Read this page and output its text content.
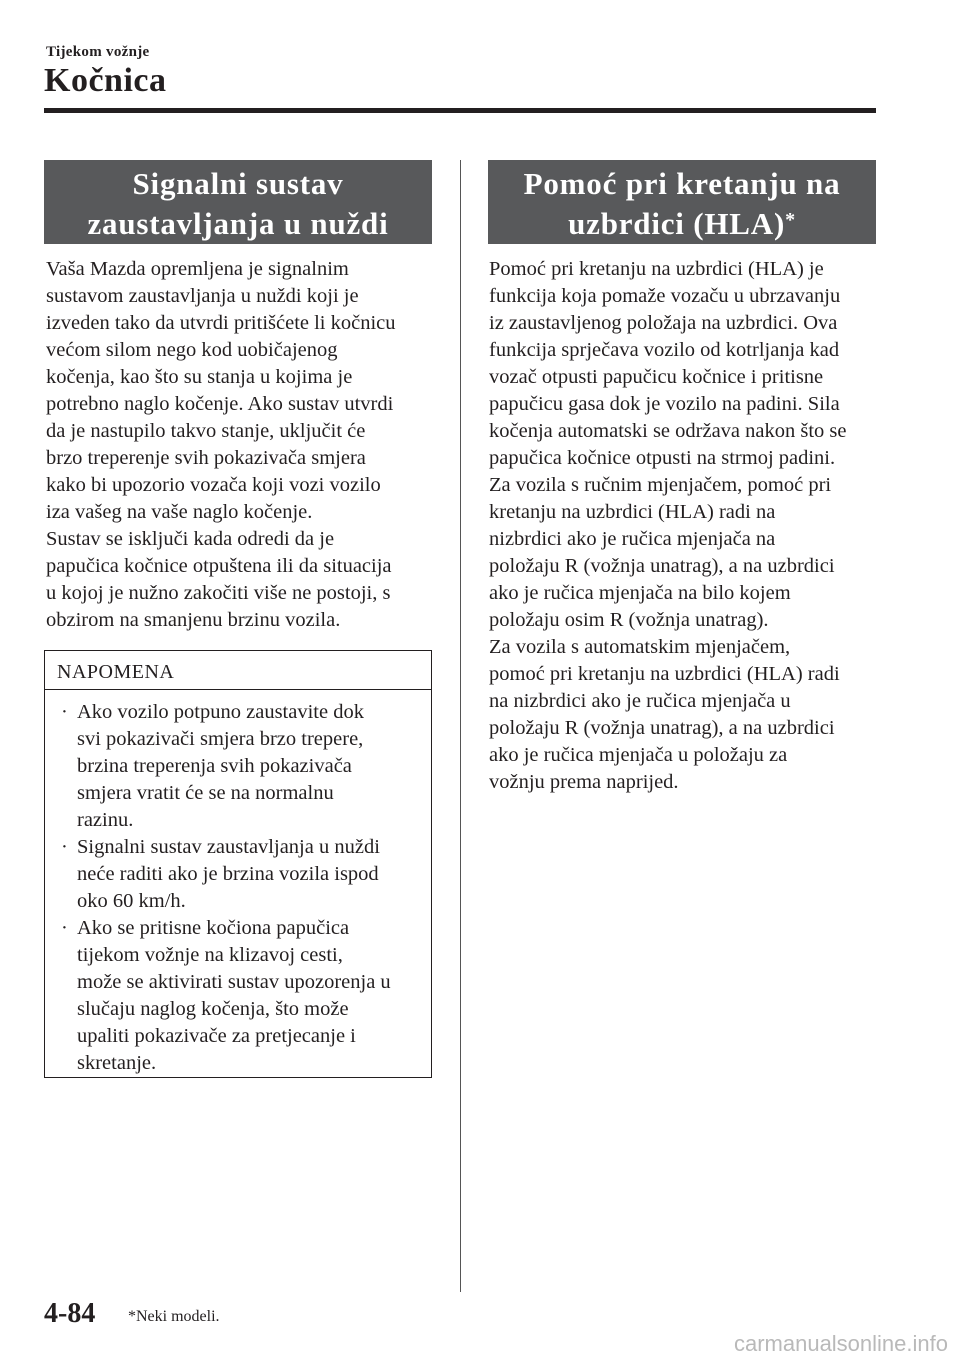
Tijekom vožnje
Kočnica
Signalni sustav
zaustavljanja u nuždi
Vaša Mazda opremljena je signalnim
sustavom zaustavljanja u nuždi koji je
izveden tako da utvrdi pritišćete li kočnicu
većom silom nego kod uobičajenog
kočenja, kao što su stanja u kojima je
potrebno naglo kočenje. Ako sustav utvrdi
da je nastupilo takvo stanje, uključit će
brzo treperenje svih pokazivača smjera
kako bi upozorio vozača koji vozi vozilo
iza vašeg na vaše naglo kočenje.
Sustav se isključi kada odredi da je
papučica kočnice otpuštena ili da situacija
u kojoj je nužno zakočiti više ne postoji, s
obzirom na smanjenu brzinu vozila.
NAPOMENA
· Ako vozilo potpuno zaustavite dok
svi pokazivači smjera brzo trepere,
brzina treperenja svih pokazivača
smjera vratit će se na normalnu
razinu.
· Signalni sustav zaustavljanja u nuždi
neće raditi ako je brzina vozila ispod
oko 60 km/h.
· Ako se pritisne kočiona papučica
tijekom vožnje na klizavoj cesti,
može se aktivirati sustav upozorenja u
slučaju naglog kočenja, što može
upaliti pokazivače za pretjecanje i
skretanje.
Pomoć pri kretanju na
uzbrdici (HLA)*
Pomoć pri kretanju na uzbrdici (HLA) je
funkcija koja pomaže vozaču u ubrzavanju
iz zaustavljenog položaja na uzbrdici. Ova
funkcija sprječava vozilo od kotrljanja kad
vozač otpusti papučicu kočnice i pritisne
papučicu gasa dok je vozilo na padini. Sila
kočenja automatski se održava nakon što se
papučica kočnice otpusti na strmoj padini.
Za vozila s ručnim mjenjačem, pomoć pri
kretanju na uzbrdici (HLA) radi na
nizbrdici ako je ručica mjenjača na
položaju R (vožnja unatrag), a na uzbrdici
ako je ručica mjenjača na bilo kojem
položaju osim R (vožnja unatrag).
Za vozila s automatskim mjenjačem,
pomoć pri kretanju na uzbrdici (HLA) radi
na nizbrdici ako je ručica mjenjača u
položaju R (vožnja unatrag), a na uzbrdici
ako je ručica mjenjača u položaju za
vožnju prema naprijed.
4-84 *Neki modeli.
carmanualsonline.info
